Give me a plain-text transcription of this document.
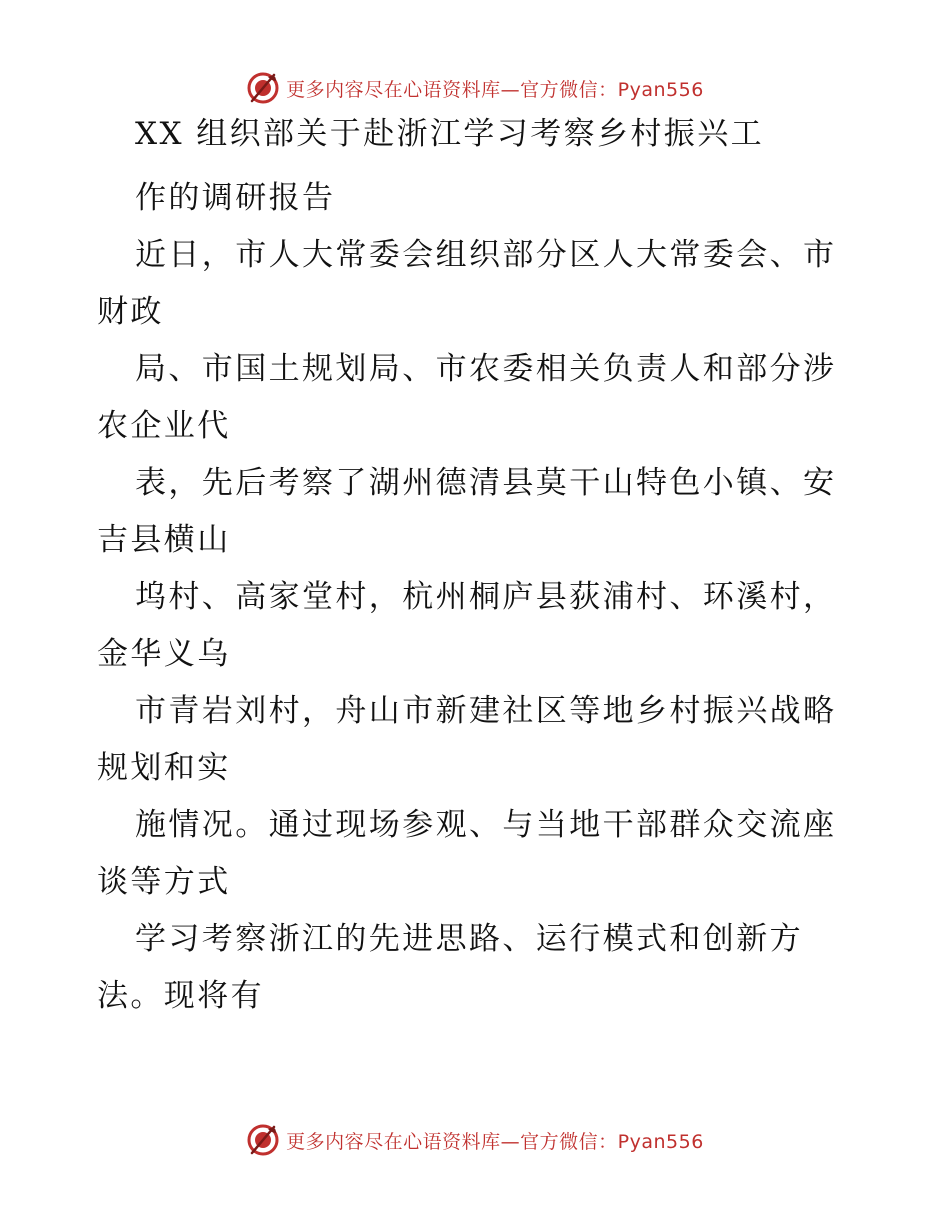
更多内容尽在心语资料库—官方微信：Pyan556

XX 组织部关于赴浙江学习考察乡村振兴工

作的调研报告

近日，市人大常委会组织部分区人大常委会、市

财政

局、市国土规划局、市农委相关负责人和部分涉

农企业代

表，先后考察了湖州德清县莫干山特色小镇、安

吉县横山

坞村、高家堂村，杭州桐庐县荻浦村、环溪村，

金华义乌

市青岩刘村，舟山市新建社区等地乡村振兴战略

规划和实

施情况。通过现场参观、与当地干部群众交流座

谈等方式

学习考察浙江的先进思路、运行模式和创新方

法。现将有

更多内容尽在心语资料库—官方微信：Pyan556
